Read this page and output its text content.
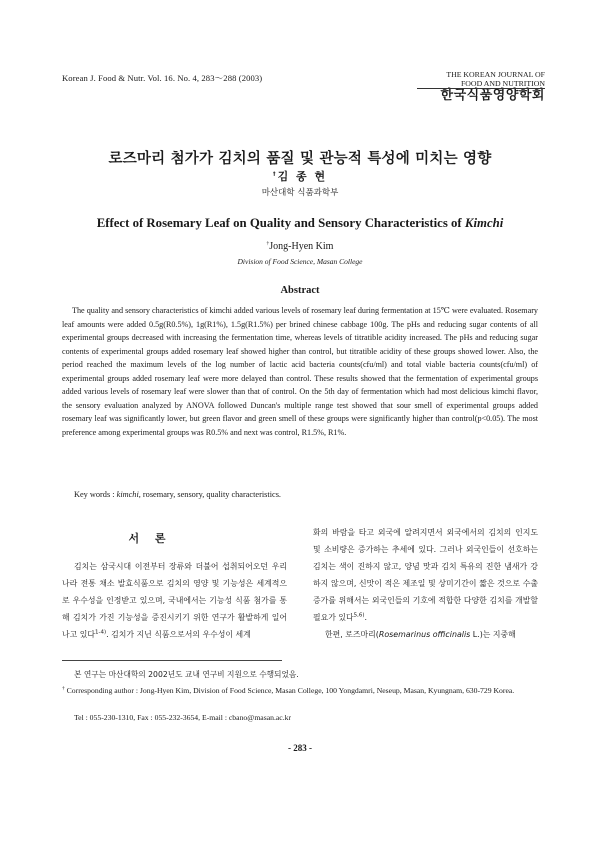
Korean J. Food & Nutr. Vol. 16. No. 4, 283～288 (2003)	THE KOREAN JOURNAL OF
FOOD AND NUTRITION
한국식품영양학회
로즈마리 첨가가 김치의 품질 및 관능적 특성에 미치는 영향
†김 종 현
마산대학 식품과학부
Effect of Rosemary Leaf on Quality and Sensory Characteristics of Kimchi
†Jong-Hyen Kim
Division of Food Science, Masan College
Abstract

The quality and sensory characteristics of kimchi added various levels of rosemary leaf during fermentation at 15℃ were evaluated. Rosemary leaf amounts were added 0.5g(R0.5%), 1g(R1%), 1.5g(R1.5%) per brined chinese cabbage 100g. The pHs and reducing sugar contents of all experimental groups decreased with increasing the fermentation time, whereas levels of titratible acidity increased. The pHs and reducing sugar contents of experimental groups added rosemary leaf showed higher than control, but titratible acidity of these groups showed lower. Also, the period reached the maximum levels of the log number of lactic acid bacteria counts(cfu/ml) and total viable bacteria counts(cfu/ml) of experimental groups added rosemary leaf were more delayed than control. These results showed that the fermentation of experimental groups added various levels of rosemary leaf were slower than that of control. On the 5th day of fermentation which had most delicious kimchi flavor, the sensory evaluation analyzed by ANOVA followed Duncan's multiple range test showed that sour smell of experimental groups added rosemary leaf was significantly lower, but green flavor and green smell of these groups were significantly higher than control(p<0.05). The most preference among experimental groups was R0.5% and next was control, R1.5%, R1%.

Key words : kimchi, rosemary, sensory, quality characteristics.
서 론

김치는 삼국시대 이전부터 장류와 더불어 섭취되어오던 우리나라 전통 채소 발효식품으로 김치의 영양 및 기능성은 세계적으로 우수성을 인정받고 있으며, 국내에서는 기능성 식품 첨가를 통해 김치가 가진 기능성을 증진시키기 위한 연구가 활발하게 일어나고 있다$^{1-4)}$. 김치가 지닌 식품으로서의 우수성이 세계

화의 바람을 타고 외국에 알려지면서 외국에서의 김치의 인지도 및 소비량은 증가하는 추세에 있다. 그러나 외국인들이 선호하는 김치는 색이 진하지 않고, 양념 맛과 김치 특유의 진한 냄새가 강하지 않으며, 신맛이 적은 제조일 및 상미기간이 짧은 것으로 수출증가를 위해서는 외국인들의 기호에 적합한 다양한 김치를 개발할 필요가 있다$^{5,6)}$.

한편, 로즈마리(Rosemarinus officinalis L.)는 지중해

본 연구는 마산대학의 2002년도 교내 연구비 지원으로 수행되었음.
† Corresponding author : Jong-Hyen Kim, Division of Food Science, Masan College, 100 Yongdamri, Neseup, Masan, Kyungnam, 630-729 Korea.
Tel : 055-230-1310, Fax : 055-232-3654, E-mail : cbano@masan.ac.kr
- 283 -
